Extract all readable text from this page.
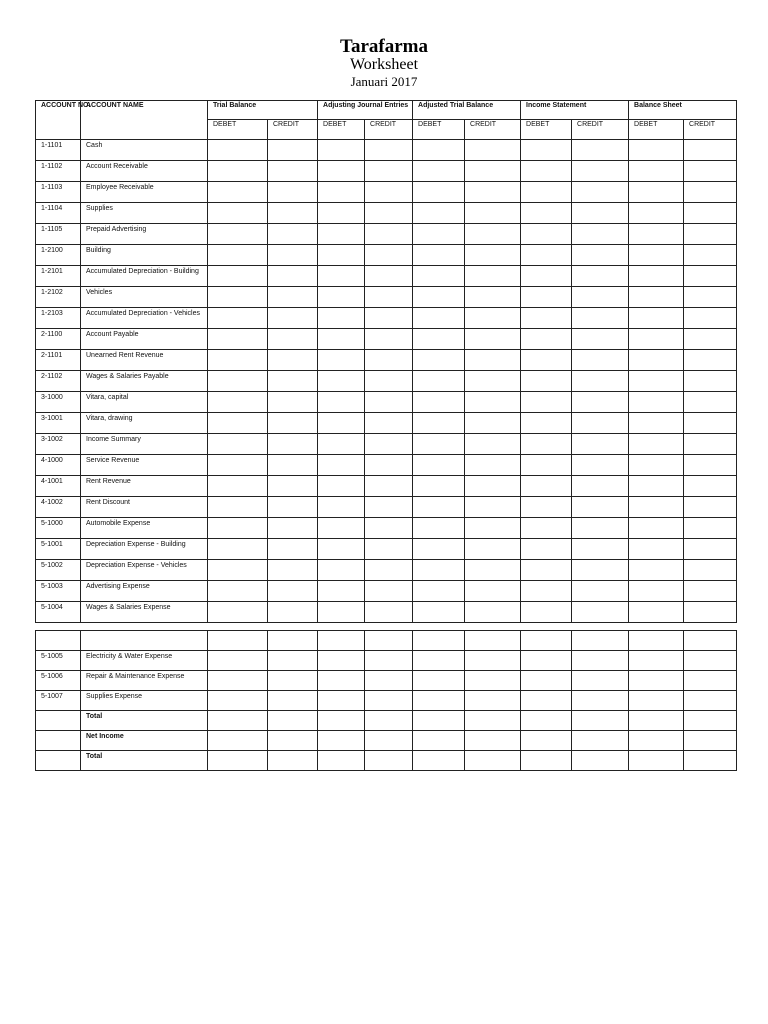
Tarafarma
Worksheet
Januari 2017
ACCOUNT NO.	ACCOUNT NAME	Trial Balance		Adjusting Journal Entries		Adjusted Trial Balance		Income Statement		Balance Sheet	
		DEBET	CREDIT	DEBET	CREDIT	DEBET	CREDIT	DEBET	CREDIT	DEBET	CREDIT
1-1101	Cash										
1-1102	Account Receivable										
1-1103	Employee Receivable										
1-1104	Supplies										
1-1105	Prepaid Advertising										
1-2100	Building										
1-2101	Accumulated Depreciation - Building										
1-2102	Vehicles										
1-2103	Accumulated Depreciation - Vehicles										
2-1100	Account Payable										
2-1101	Unearned Rent Revenue										
2-1102	Wages & Salaries Payable										
3-1000	Vitara, capital										
3-1001	Vitara, drawing										
3-1002	Income Summary										
4-1000	Service Revenue										
4-1001	Rent Revenue										
4-1002	Rent Discount										
5-1000	Automobile Expense										
5-1001	Depreciation Expense - Building										
5-1002	Depreciation Expense - Vehicles										
5-1003	Advertising Expense										
5-1004	Wages & Salaries Expense										

5-1005	Electricity & Water Expense										
5-1006	Repair & Maintenance Expense										
5-1007	Supplies Expense										
	Total										
	Net Income										
	Total										
